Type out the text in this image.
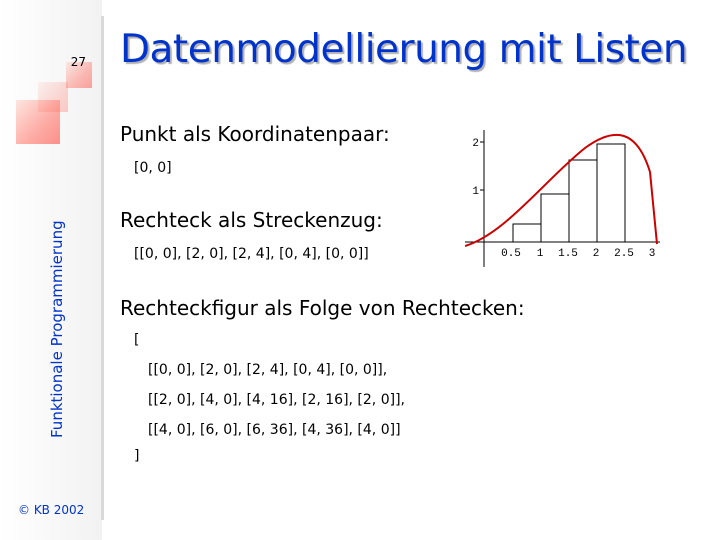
27
Funktionale Programmierung
© KB 2002
Datenmodellierung mit Listen
Punkt als Koordinatenpaar:
[0, 0]
Rechteck als Streckenzug:
[[0, 0], [2, 0], [2, 4], [0, 4], [0, 0]]
Rechteckfigur als Folge von Rechtecken:
[
[[0, 0], [2, 0], [2, 4], [0, 4], [0, 0]],
[[2, 0], [4, 0], [4, 16], [2, 16], [2, 0]],
[[4, 0], [6, 0], [6, 36], [4, 36], [4, 0]]
]
1
2
0.5 1 1.5 2 2.5 3
